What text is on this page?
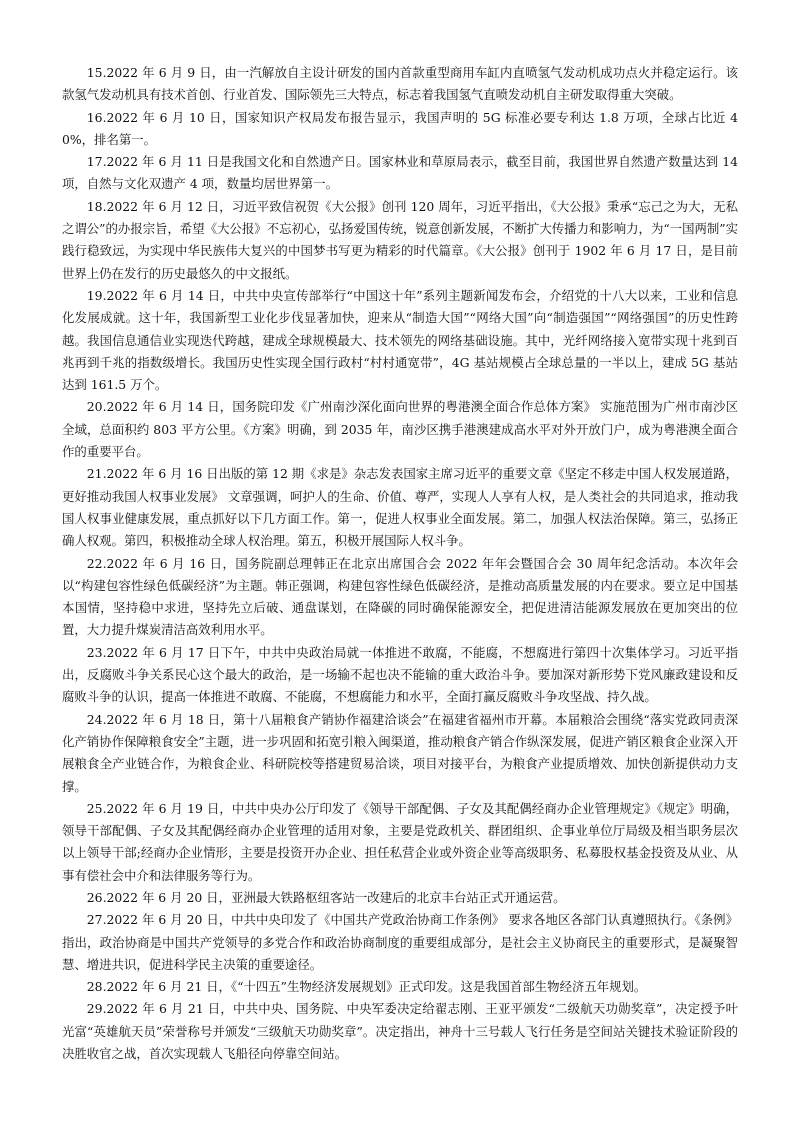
15.2022 年 6 月 9 日，由一汽解放自主设计研发的国内首款重型商用车缸内直喷氢气发动机成功点火并稳定运行。该款氢气发动机具有技术首创、行业首发、国际领先三大特点，标志着我国氢气直喷发动机自主研发取得重大突破。

16.2022 年 6 月 10 日，国家知识产权局发布报告显示，我国声明的 5G 标准必要专利达 1.8 万项，全球占比近 40%，排名第一。

17.2022 年 6 月 11 日是我国文化和自然遗产日。国家林业和草原局表示，截至目前，我国世界自然遗产数量达到 14 项，自然与文化双遗产 4 项，数量均居世界第一。

18.2022 年 6 月 12 日，习近平致信祝贺《大公报》创刊 120 周年，习近平指出，《大公报》秉承“忘己之为大，无私之谓公”的办报宗旨，希望《大公报》不忘初心，弘扬爱国传统，锐意创新发展，不断扩大传播力和影响力，为“一国两制”实践行稳致远，为实现中华民族伟大复兴的中国梦书写更为精彩的时代篇章。《大公报》创刊于 1902 年 6 月 17 日，是目前世界上仍在发行的历史最悠久的中文报纸。

19.2022 年 6 月 14 日，中共中央宣传部举行“中国这十年”系列主题新闻发布会，介绍党的十八大以来，工业和信息化发展成就。这十年，我国新型工业化步伐显著加快，迎来从“制造大国”“网络大国”向“制造强国”“网络强国”的历史性跨越。我国信息通信业实现迭代跨越，建成全球规模最大、技术领先的网络基础设施。其中，光纤网络接入宽带实现十兆到百兆再到千兆的指数级增长。我国历史性实现全国行政村“村村通宽带”，4G 基站规模占全球总量的一半以上，建成 5G 基站达到 161.5 万个。

20.2022 年 6 月 14 日，国务院印发《广州南沙深化面向世界的粤港澳全面合作总体方案》 实施范围为广州市南沙区全域，总面积约 803 平方公里。《方案》明确，到 2035 年，南沙区携手港澳建成高水平对外开放门户，成为粤港澳全面合作的重要平台。

21.2022 年 6 月 16 日出版的第 12 期《求是》杂志发表国家主席习近平的重要文章《坚定不移走中国人权发展道路，更好推动我国人权事业发展》 文章强调，呵护人的生命、价值、尊严，实现人人享有人权，是人类社会的共同追求，推动我国人权事业健康发展，重点抓好以下几方面工作。第一，促进人权事业全面发展。第二，加强人权法治保障。第三，弘扬正确人权观。第四，积极推动全球人权治理。第五，积极开展国际人权斗争。

22.2022 年 6 月 16 日，国务院副总理韩正在北京出席国合会 2022 年年会暨国合会 30 周年纪念活动。本次年会以“构建包容性绿色低碳经济”为主题。韩正强调，构建包容性绿色低碳经济，是推动高质量发展的内在要求。要立足中国基本国情，坚持稳中求进，坚持先立后破、通盘谋划，在降碳的同时确保能源安全，把促进清洁能源发展放在更加突出的位置，大力提升煤炭清洁高效利用水平。

23.2022 年 6 月 17 日下午，中共中央政治局就一体推进不敢腐，不能腐，不想腐进行第四十次集体学习。习近平指出，反腐败斗争关系民心这个最大的政治，是一场输不起也决不能输的重大政治斗争。要加深对新形势下党风廉政建设和反腐败斗争的认识，提高一体推进不敢腐、不能腐，不想腐能力和水平，全面打赢反腐败斗争攻坚战、持久战。

24.2022 年 6 月 18 日，第十八届粮食产销协作福建洽谈会”在福建省福州市开幕。本届粮洽会围绕“落实党政同责深化产销协作保障粮食安全”主题，进一步巩固和拓宽引粮入闽渠道，推动粮食产销合作纵深发展，促进产销区粮食企业深入开展粮食全产业链合作，为粮食企业、科研院校等搭建贸易洽谈，项目对接平台，为粮食产业提质增效、加快创新提供动力支撑。

25.2022 年 6 月 19 日，中共中央办公厅印发了《领导干部配偶、子女及其配偶经商办企业管理规定》《规定》明确，领导干部配偶、子女及其配偶经商办企业管理的适用对象，主要是党政机关、群团组织、企事业单位厅局级及相当职务层次以上领导干部;经商办企业情形，主要是投资开办企业、担任私营企业或外资企业等高级职务、私募股权基金投资及从业、从事有偿社会中介和法律服务等行为。

26.2022 年 6 月 20 日，亚洲最大铁路枢纽客站一改建后的北京丰台站正式开通运营。

27.2022 年 6 月 20 日，中共中央印发了《中国共产党政治协商工作条例》 要求各地区各部门认真遵照执行。《条例》指出，政治协商是中国共产党领导的多党合作和政治协商制度的重要组成部分，是社会主义协商民主的重要形式，是凝聚智慧、增进共识，促进科学民主决策的重要途径。

28.2022 年 6 月 21 日，《“十四五”生物经济发展规划》正式印发。这是我国首部生物经济五年规划。

29.2022 年 6 月 21 日，中共中央、国务院、中央军委决定给翟志刚、王亚平颁发“二级航天功勋奖章”，决定授予叶光富“英雄航天员”荣誉称号并颁发“三级航天功勋奖章”。决定指出，神舟十三号载人飞行任务是空间站关键技术验证阶段的决胜收官之战，首次实现载人飞船径向停靠空间站。
